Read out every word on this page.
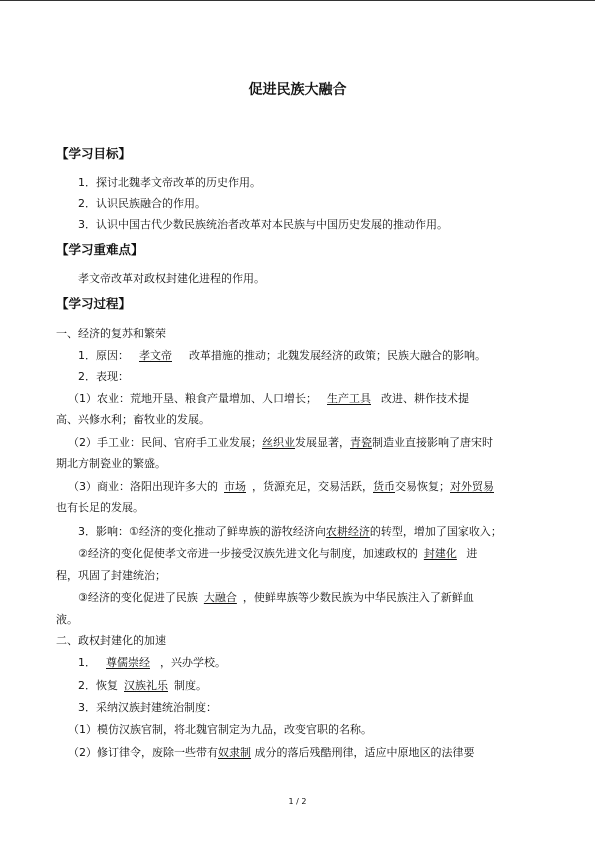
促进民族大融合
【学习目标】
1．探讨北魏孝文帝改革的历史作用。
2．认识民族融合的作用。
3．认识中国古代少数民族统治者改革对本民族与中国历史发展的推动作用。
【学习重难点】
孝文帝改革对政权封建化进程的作用。
【学习过程】
一、经济的复苏和繁荣
1．原因： 孝文帝 改革措施的推动；北魏发展经济的政策；民族大融合的影响。
2．表现：
（1）农业：荒地开垦、粮食产量增加、人口增长； 生产工具 改进、耕作技术提
高、兴修水利；畜牧业的发展。
（2）手工业：民间、官府手工业发展；丝织业发展显著，青瓷制造业直接影响了唐宋时
期北方制瓷业的繁盛。
（3）商业：洛阳出现许多大的 市场 ，货源充足，交易活跃，货币交易恢复；对外贸易
也有长足的发展。
3．影响：①经济的变化推动了鲜卑族的游牧经济向农耕经济的转型，增加了国家收入；
②经济的变化促使孝文帝进一步接受汉族先进文化与制度，加速政权的 封建化 进
程，巩固了封建统治；
③经济的变化促进了民族 大融合 ，使鲜卑族等少数民族为中华民族注入了新鲜血
液。
二、政权封建化的加速
1． 尊儒崇经 ，兴办学校。
2．恢复 汉族礼乐 制度。
3．采纳汉族封建统治制度：
（1）模仿汉族官制，将北魏官制定为九品，改变官职的名称。
（2）修订律令，废除一些带有奴隶制 成分的落后残酷刑律，适应中原地区的法律要
1 / 2
